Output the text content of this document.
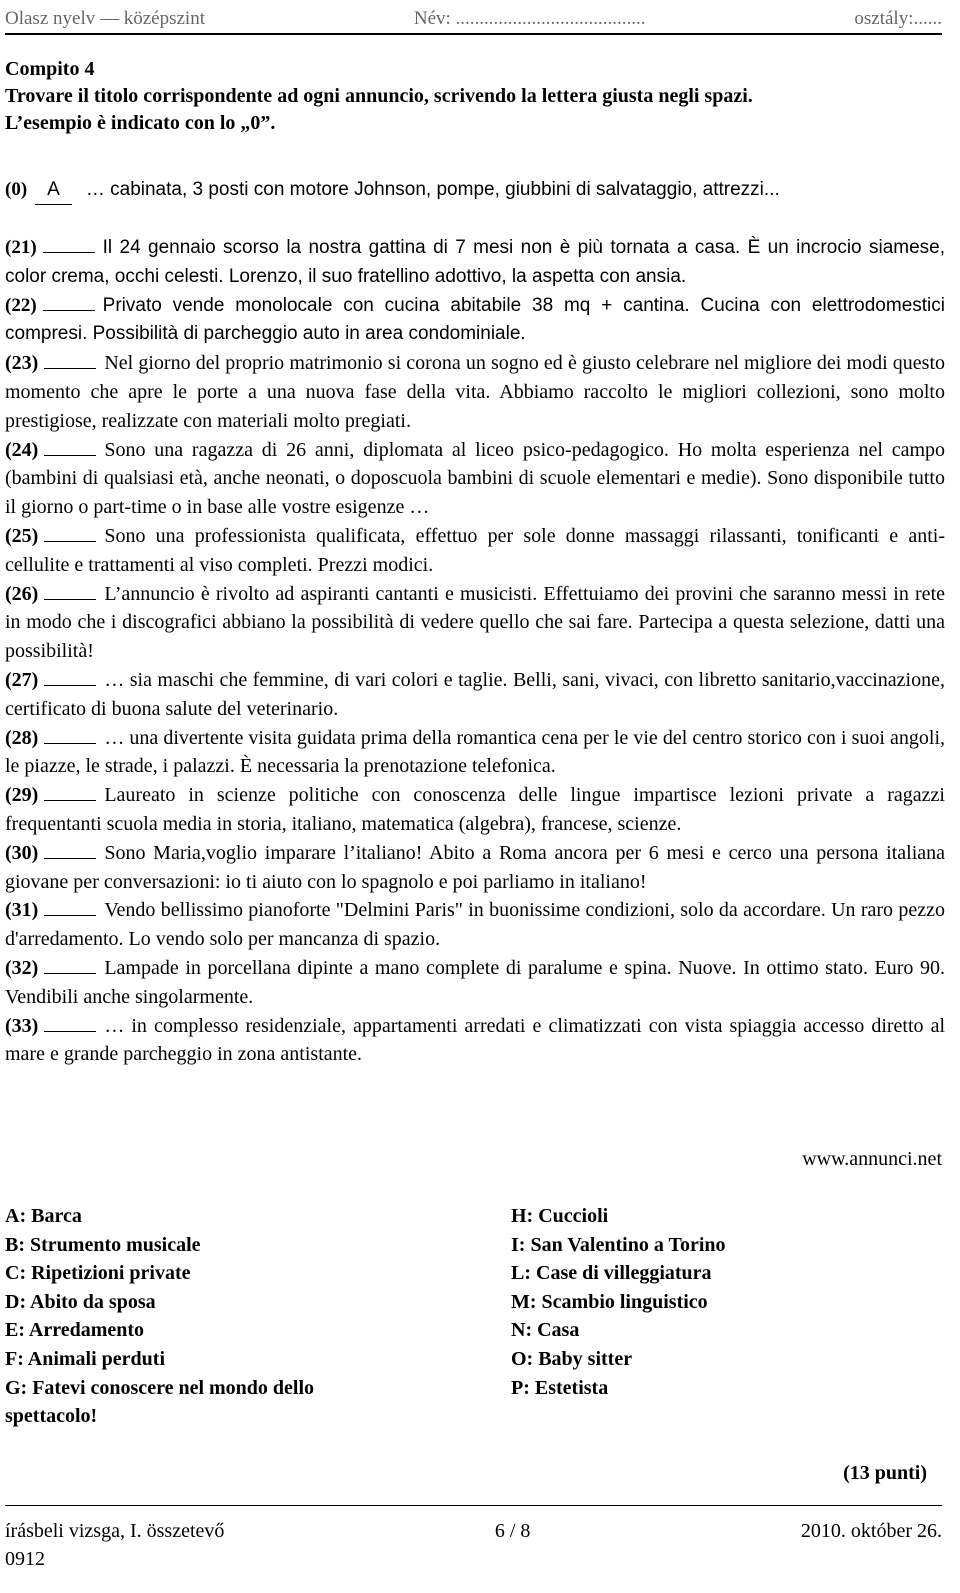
Olasz nyelv — középszint	Név: ........................................	osztály:......
Compito 4
Trovare il titolo corrispondente ad ogni annuncio, scrivendo la lettera giusta negli spazi.
L’esempio è indicato con lo „0”.
(0) A … cabinata, 3 posti con motore Johnson, pompe, giubbini di salvataggio, attrezzi...
(21)	Il 24 gennaio scorso la nostra gattina di 7 mesi non è più tornata a casa. È un incrocio siamese, color crema, occhi celesti. Lorenzo, il suo fratellino adottivo, la aspetta con ansia.
(22)	Privato vende monolocale con cucina abitabile 38 mq + cantina. Cucina con elettrodomestici compresi. Possibilità di parcheggio auto in area condominiale.
(23)	Nel giorno del proprio matrimonio si corona un sogno ed è giusto celebrare nel migliore dei modi questo momento che apre le porte a una nuova fase della vita. Abbiamo raccolto le migliori collezioni, sono molto prestigiose, realizzate con materiali molto pregiati.
(24)	Sono una ragazza di 26 anni, diplomata al liceo psico-pedagogico. Ho molta esperienza nel campo (bambini di qualsiasi età, anche neonati, o doposcuola bambini di scuole elementari e medie). Sono disponibile tutto il giorno o part-time o in base alle vostre esigenze …
(25)	Sono una professionista qualificata, effettuo per sole donne massaggi rilassanti, tonificanti e anti-cellulite e trattamenti al viso completi. Prezzi modici.
(26)	L’annuncio è rivolto ad aspiranti cantanti e musicisti. Effettuiamo dei provini che saranno messi in rete in modo che i discografici abbiano la possibilità di vedere quello che sai fare. Partecipa a questa selezione, datti una possibilità!
(27)	… sia maschi che femmine, di vari colori e taglie. Belli, sani, vivaci, con libretto sanitario,vaccinazione, certificato di buona salute del veterinario.
(28)	… una divertente visita guidata prima della romantica cena per le vie del centro storico con i suoi angoli, le piazze, le strade, i palazzi. È necessaria la prenotazione telefonica.
(29)	Laureato in scienze politiche con conoscenza delle lingue impartisce lezioni private a ragazzi frequentanti scuola media in storia, italiano, matematica (algebra), francese, scienze.
(30)	Sono Maria,voglio imparare l’italiano! Abito a Roma ancora per 6 mesi e cerco una persona italiana giovane per conversazioni: io ti aiuto con lo spagnolo e poi parliamo in italiano!
(31)	Vendo bellissimo pianoforte "Delmini Paris" in buonissime condizioni, solo da accordare. Un raro pezzo d'arredamento. Lo vendo solo per mancanza di spazio.
(32)	Lampade in porcellana dipinte a mano complete di paralume e spina. Nuove. In ottimo stato. Euro 90. Vendibili anche singolarmente.
(33)	… in complesso residenziale, appartamenti arredati e climatizzati con vista spiaggia accesso diretto al mare e grande parcheggio in zona antistante.
www.annunci.net
A: Barca
B: Strumento musicale
C: Ripetizioni private
D: Abito da sposa
E: Arredamento
F: Animali perduti
G: Fatevi conoscere nel mondo dello spettacolo!
H: Cuccioli
I: San Valentino a Torino
L: Case di villeggiatura
M: Scambio linguistico
N: Casa
O: Baby sitter
P: Estetista
(13 punti)
írásbeli vizsga, I. összetevő	6 / 8	2010. október 26.
0912
